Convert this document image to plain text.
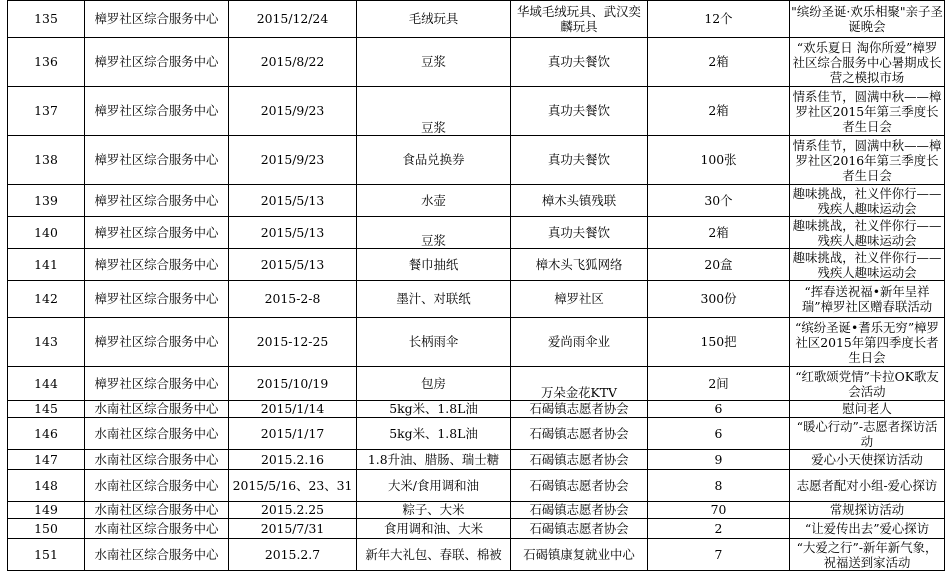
135	樟罗社区综合服务中心	2015/12/24	毛绒玩具	华域毛绒玩具、武汉奕麟玩具	12个	"缤纷圣诞·欢乐相聚"亲子圣诞晚会
136	樟罗社区综合服务中心	2015/8/22	豆浆	真功夫餐饮	2箱	“欢乐夏日 淘你所爱”樟罗社区综合服务中心暑期成长营之模拟市场
137	樟罗社区综合服务中心	2015/9/23	豆浆	真功夫餐饮	2箱	情系佳节，圆满中秋——樟罗社区2015年第三季度长者生日会
138	樟罗社区综合服务中心	2015/9/23	食品兑换券	真功夫餐饮	100张	情系佳节，圆满中秋——樟罗社区2016年第三季度长者生日会
139	樟罗社区综合服务中心	2015/5/13	水壶	樟木头镇残联	30个	趣味挑战，社义伴你行——残疾人趣味运动会
140	樟罗社区综合服务中心	2015/5/13	豆浆	真功夫餐饮	2箱	趣味挑战，社义伴你行——残疾人趣味运动会
141	樟罗社区综合服务中心	2015/5/13	餐巾抽纸	樟木头飞狐网络	20盒	趣味挑战，社义伴你行——残疾人趣味运动会
142	樟罗社区综合服务中心	2015-2-8	墨汁、对联纸	樟罗社区	300份	“挥春送祝福•新年呈祥瑞”樟罗社区赠春联活动
143	樟罗社区综合服务中心	2015-12-25	长柄雨伞	爱尚雨伞业	150把	“缤纷圣诞•耆乐无穷”樟罗社区2015年第四季度长者生日会
144	樟罗社区综合服务中心	2015/10/19	包房	万朵金花KTV	2间	“红歌颂党情”卡拉OK歌友会活动
145	水南社区综合服务中心	2015/1/14	5kg米、1.8L油	石碣镇志愿者协会	6	慰问老人
146	水南社区综合服务中心	2015/1/17	5kg米、1.8L油	石碣镇志愿者协会	6	“暖心行动”-志愿者探访活动
147	水南社区综合服务中心	2015.2.16	1.8升油、腊肠、瑞士糖	石碣镇志愿者协会	9	爱心小天使探访活动
148	水南社区综合服务中心	2015/5/16、23、31	大米/食用调和油	石碣镇志愿者协会	8	志愿者配对小组-爱心探访
149	水南社区综合服务中心	2015.2.25	粽子、大米	石碣镇志愿者协会	70	常规探访活动
150	水南社区综合服务中心	2015/7/31	食用调和油、大米	石碣镇志愿者协会	2	“让爱传出去”爱心探访
151	水南社区综合服务中心	2015.2.7	新年大礼包、春联、棉被	石碣镇康复就业中心	7	“大爱之行”-新年新气象，祝福送到家活动
